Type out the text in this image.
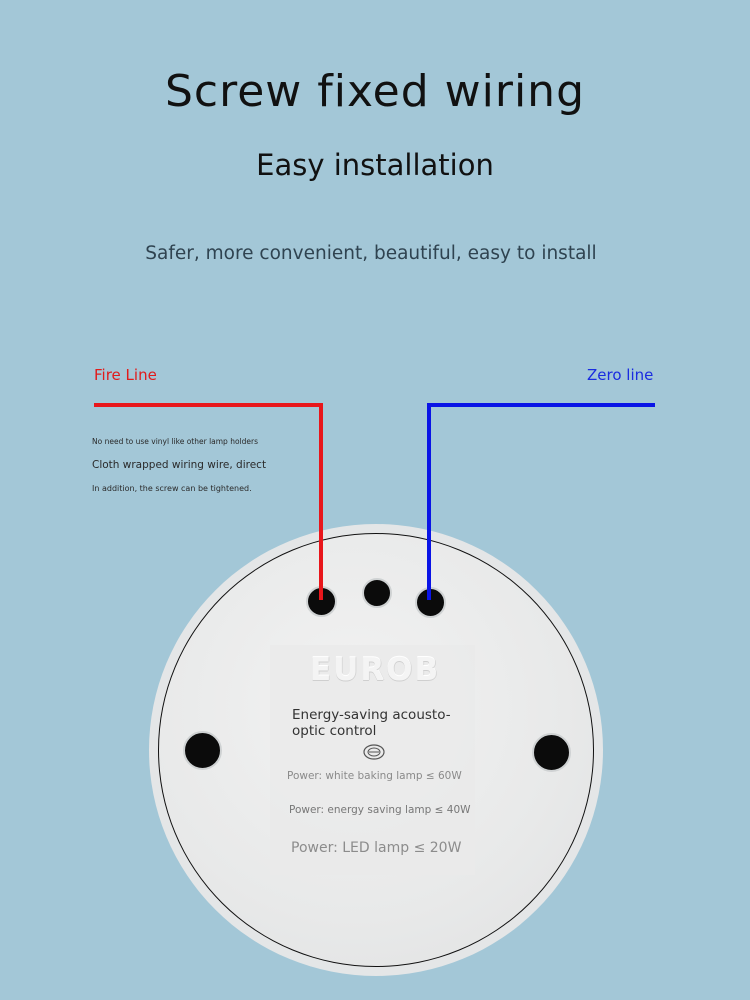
Screw fixed wiring
Easy installation
Safer, more convenient, beautiful, easy to install
Fire Line	Zero line
No need to use vinyl like other lamp holders
Cloth wrapped wiring wire, direct
In addition, the screw can be tightened.
EUROB
Energy-saving acousto-optic control
Power: white baking lamp ≤ 60W
Power: energy saving lamp ≤ 40W
Power: LED lamp ≤ 20W
